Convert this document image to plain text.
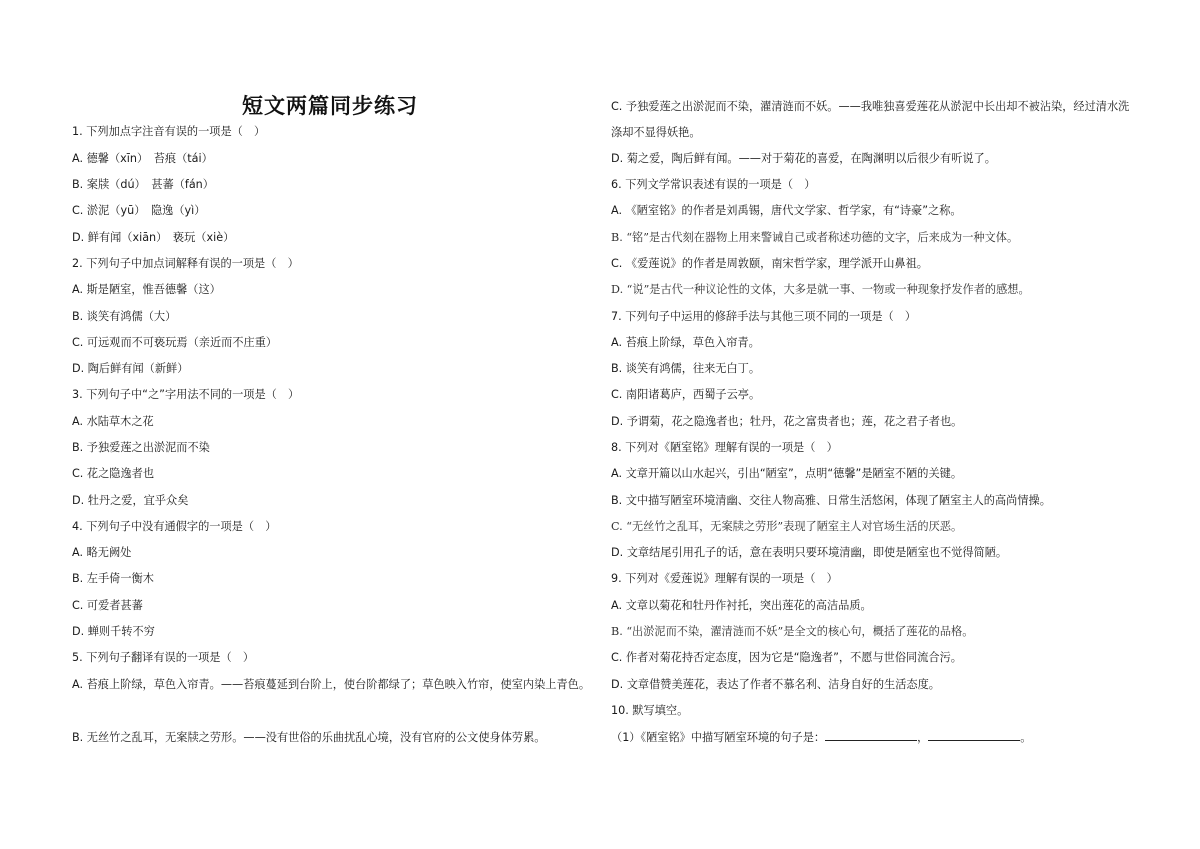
短文两篇同步练习
1. 下列加点字注音有误的一项是（　）
A. 德馨（xīn）　苔痕（tái）
B. 案牍（dú）　甚蕃（fán）
C. 淤泥（yū）　隐逸（yì）
D. 鲜有闻（xiān）　亵玩（xiè）
2. 下列句子中加点词解释有误的一项是（　）
A. 斯是陋室，惟吾德馨（这）
B. 谈笑有鸿儒（大）
C. 可远观而不可亵玩焉（亲近而不庄重）
D. 陶后鲜有闻（新鲜）
3. 下列句子中“之”字用法不同的一项是（　）
A. 水陆草木之花
B. 予独爱莲之出淤泥而不染
C. 花之隐逸者也
D. 牡丹之爱，宜乎众矣
4. 下列句子中没有通假字的一项是（　）
A. 略无阙处
B. 左手倚一衡木
C. 可爱者甚蕃
D. 蝉则千转不穷
5. 下列句子翻译有误的一项是（　）
A. 苔痕上阶绿，草色入帘青。——苔痕蔓延到台阶上，使台阶都绿了；草色映入竹帘，使室内染上青色。
B. 无丝竹之乱耳，无案牍之劳形。——没有世俗的乐曲扰乱心境，没有官府的公文使身体劳累。
C. 予独爱莲之出淤泥而不染，濯清涟而不妖。——我唯独喜爱莲花从淤泥中长出却不被沾染，经过清水洗涤却不显得妖艳。
D. 菊之爱，陶后鲜有闻。——对于菊花的喜爱，在陶渊明以后很少有听说了。
6. 下列文学常识表述有误的一项是（　）
A. 《陋室铭》的作者是刘禹锡，唐代文学家、哲学家，有“诗豪”之称。
B. “铭”是古代刻在器物上用来警诫自己或者称述功德的文字，后来成为一种文体。
C. 《爱莲说》的作者是周敦颐，南宋哲学家，理学派开山鼻祖。
D. “说”是古代一种议论性的文体，大多是就一事、一物或一种现象抒发作者的感想。
7. 下列句子中运用的修辞手法与其他三项不同的一项是（　）
A. 苔痕上阶绿，草色入帘青。
B. 谈笑有鸿儒，往来无白丁。
C. 南阳诸葛庐，西蜀子云亭。
D. 予谓菊，花之隐逸者也；牡丹，花之富贵者也；莲，花之君子者也。
8. 下列对《陋室铭》理解有误的一项是（　）
A. 文章开篇以山水起兴，引出“陋室”，点明“德馨”是陋室不陋的关键。
B. 文中描写陋室环境清幽、交往人物高雅、日常生活悠闲，体现了陋室主人的高尚情操。
C. “无丝竹之乱耳，无案牍之劳形”表现了陋室主人对官场生活的厌恶。
D. 文章结尾引用孔子的话，意在表明只要环境清幽，即使是陋室也不觉得简陋。
9. 下列对《爱莲说》理解有误的一项是（　）
A. 文章以菊花和牡丹作衬托，突出莲花的高洁品质。
B. “出淤泥而不染，濯清涟而不妖”是全文的核心句，概括了莲花的品格。
C. 作者对菊花持否定态度，因为它是“隐逸者”，不愿与世俗同流合污。
D. 文章借赞美莲花，表达了作者不慕名利、洁身自好的生活态度。
10. 默写填空。
（1）《陋室铭》中描写陋室环境的句子是：	，	。
